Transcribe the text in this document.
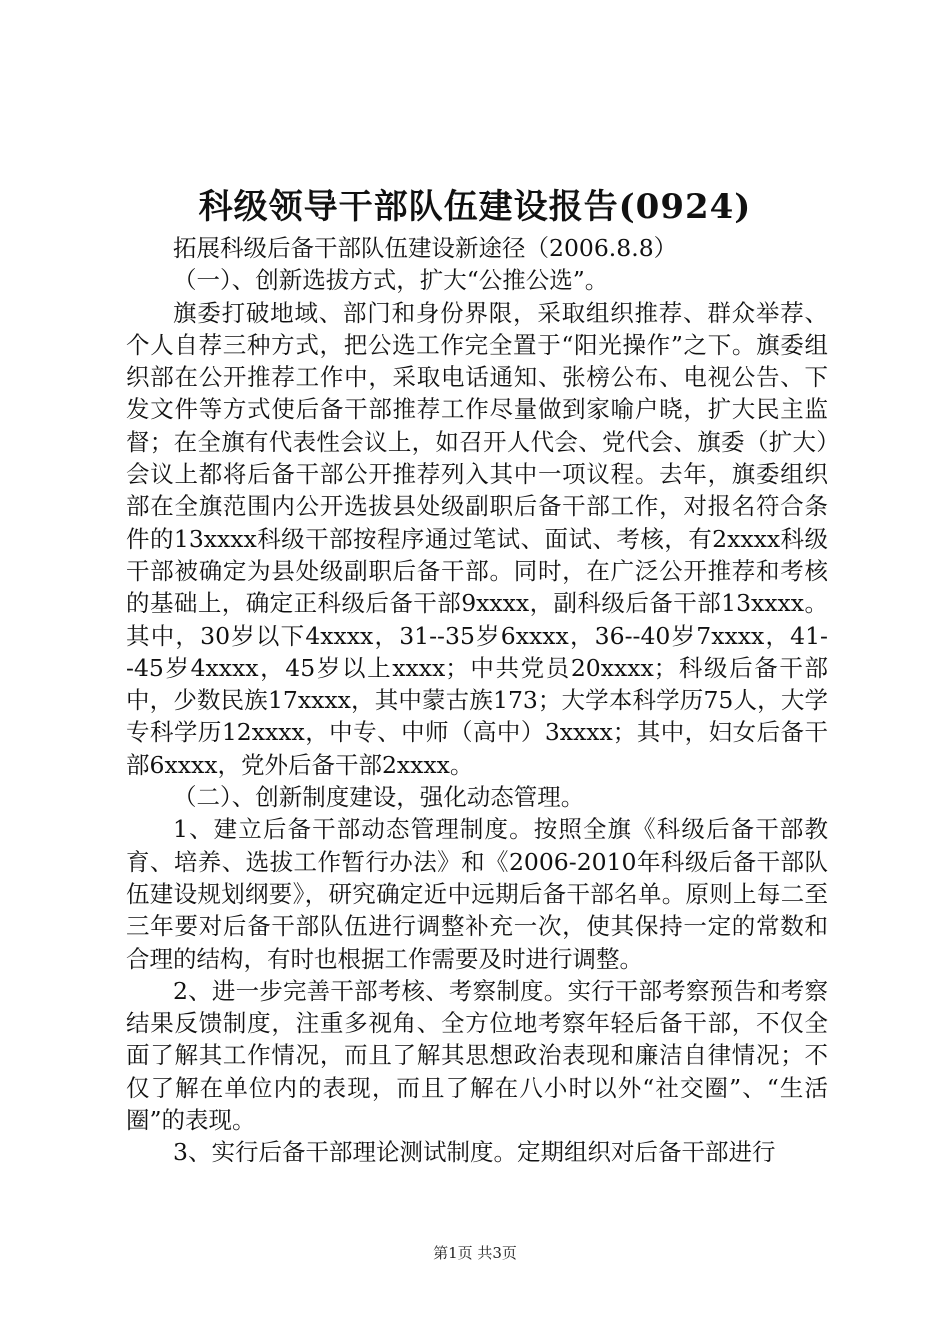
科级领导干部队伍建设报告(0924)

拓展科级后备干部队伍建设新途径（2006.8.8）

（一）、创新选拔方式，扩大“公推公选”。

旗委打破地域、部门和身份界限，采取组织推荐、群众举荐、个人自荐三种方式，把公选工作完全置于“阳光操作”之下。旗委组织部在公开推荐工作中，采取电话通知、张榜公布、电视公告、下发文件等方式使后备干部推荐工作尽量做到家喻户晓，扩大民主监督；在全旗有代表性会议上，如召开人代会、党代会、旗委（扩大）会议上都将后备干部公开推荐列入其中一项议程。去年，旗委组织部在全旗范围内公开选拔县处级副职后备干部工作，对报名符合条件的13xxxx科级干部按程序通过笔试、面试、考核，有2xxxx科级干部被确定为县处级副职后备干部。同时，在广泛公开推荐和考核的基础上，确定正科级后备干部9xxxx，副科级后备干部13xxxx。其中，30岁以下4xxxx，31--35岁6xxxx，36--40岁7xxxx，41--45岁4xxxx，45岁以上xxxx；中共党员20xxxx；科级后备干部中，少数民族17xxxx，其中蒙古族173；大学本科学历75人，大学专科学历12xxxx，中专、中师（高中）3xxxx；其中，妇女后备干部6xxxx，党外后备干部2xxxx。

（二）、创新制度建设，强化动态管理。

1、建立后备干部动态管理制度。按照全旗《科级后备干部教育、培养、选拔工作暂行办法》和《2006-2010年科级后备干部队伍建设规划纲要》，研究确定近中远期后备干部名单。原则上每二至三年要对后备干部队伍进行调整补充一次，使其保持一定的常数和合理的结构，有时也根据工作需要及时进行调整。

2、进一步完善干部考核、考察制度。实行干部考察预告和考察结果反馈制度，注重多视角、全方位地考察年轻后备干部，不仅全面了解其工作情况，而且了解其思想政治表现和廉洁自律情况；不仅了解在单位内的表现，而且了解在八小时以外“社交圈”、“生活圈”的表现。

3、实行后备干部理论测试制度。定期组织对后备干部进行

第1页 共3页
